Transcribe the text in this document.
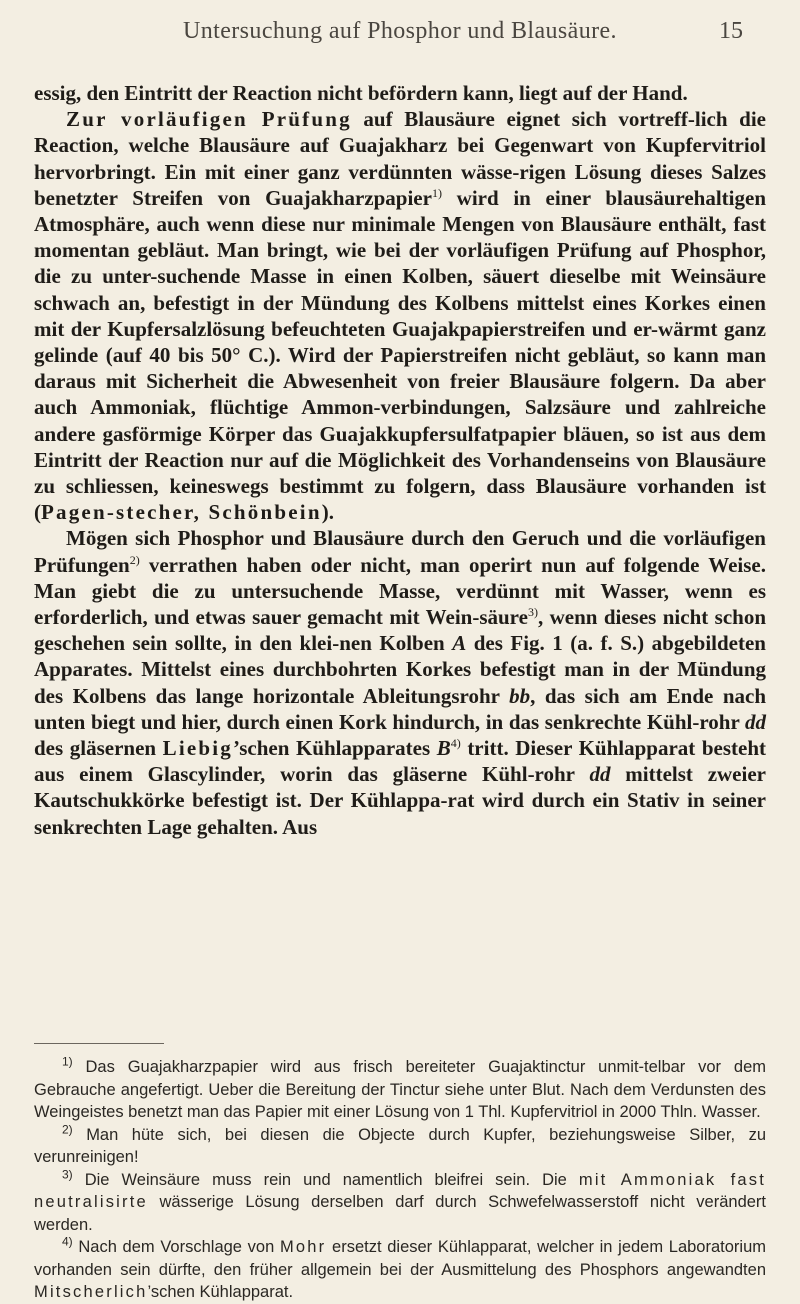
Untersuchung auf Phosphor und Blausäure.	15

essig, den Eintritt der Reaction nicht befördern kann, liegt auf der Hand.

Zur vorläufigen Prüfung auf Blausäure eignet sich vortreff-lich die Reaction, welche Blausäure auf Guajakharz bei Gegenwart von Kupfervitriol hervorbringt. Ein mit einer ganz verdünnten wässe-rigen Lösung dieses Salzes benetzter Streifen von Guajakharzpapier$^{1)}$ wird in einer blausäurehaltigen Atmosphäre, auch wenn diese nur minimale Mengen von Blausäure enthält, fast momentan gebläut. Man bringt, wie bei der vorläufigen Prüfung auf Phosphor, die zu unter-suchende Masse in einen Kolben, säuert dieselbe mit Weinsäure schwach an, befestigt in der Mündung des Kolbens mittelst eines Korkes einen mit der Kupfersalzlösung befeuchteten Guajakpapierstreifen und er-wärmt ganz gelinde (auf 40 bis 50° C.). Wird der Papierstreifen nicht gebläut, so kann man daraus mit Sicherheit die Abwesenheit von freier Blausäure folgern. Da aber auch Ammoniak, flüchtige Ammon-verbindungen, Salzsäure und zahlreiche andere gasförmige Körper das Guajakkupfersulfatpapier bläuen, so ist aus dem Eintritt der Reaction nur auf die Möglichkeit des Vorhandenseins von Blausäure zu schliessen, keineswegs bestimmt zu folgern, dass Blausäure vorhanden ist (Pagen-stecher, Schönbein).

Mögen sich Phosphor und Blausäure durch den Geruch und die vorläufigen Prüfungen$^{2)}$ verrathen haben oder nicht, man operirt nun auf folgende Weise. Man giebt die zu untersuchende Masse, verdünnt mit Wasser, wenn es erforderlich, und etwas sauer gemacht mit Wein-säure$^{3)}$, wenn dieses nicht schon geschehen sein sollte, in den klei-nen Kolben A des Fig. 1 (a. f. S.) abgebildeten Apparates. Mittelst eines durchbohrten Korkes befestigt man in der Mündung des Kolbens das lange horizontale Ableitungsrohr bb, das sich am Ende nach unten biegt und hier, durch einen Kork hindurch, in das senkrechte Kühl-rohr dd des gläsernen Liebig’schen Kühlapparates $B^{4)}$ tritt. Dieser Kühlapparat besteht aus einem Glascylinder, worin das gläserne Kühl-rohr dd mittelst zweier Kautschukkörke befestigt ist. Der Kühlappa-rat wird durch ein Stativ in seiner senkrechten Lage gehalten. Aus

$^{1)}$ Das Guajakharzpapier wird aus frisch bereiteter Guajaktinctur unmit-telbar vor dem Gebrauche angefertigt. Ueber die Bereitung der Tinctur siehe unter Blut. Nach dem Verdunsten des Weingeistes benetzt man das Papier mit einer Lösung von 1 Thl. Kupfervitriol in 2000 Thln. Wasser.

$^{2)}$ Man hüte sich, bei diesen die Objecte durch Kupfer, beziehungsweise Silber, zu verunreinigen!

$^{3)}$ Die Weinsäure muss rein und namentlich bleifrei sein. Die mit Ammoniak fast neutralisirte wässerige Lösung derselben darf durch Schwefelwasserstoff nicht verändert werden.

$^{4)}$ Nach dem Vorschlage von Mohr ersetzt dieser Kühlapparat, welcher in jedem Laboratorium vorhanden sein dürfte, den früher allgemein bei der Ausmittelung des Phosphors angewandten Mitscherlich’schen Kühlapparat.
